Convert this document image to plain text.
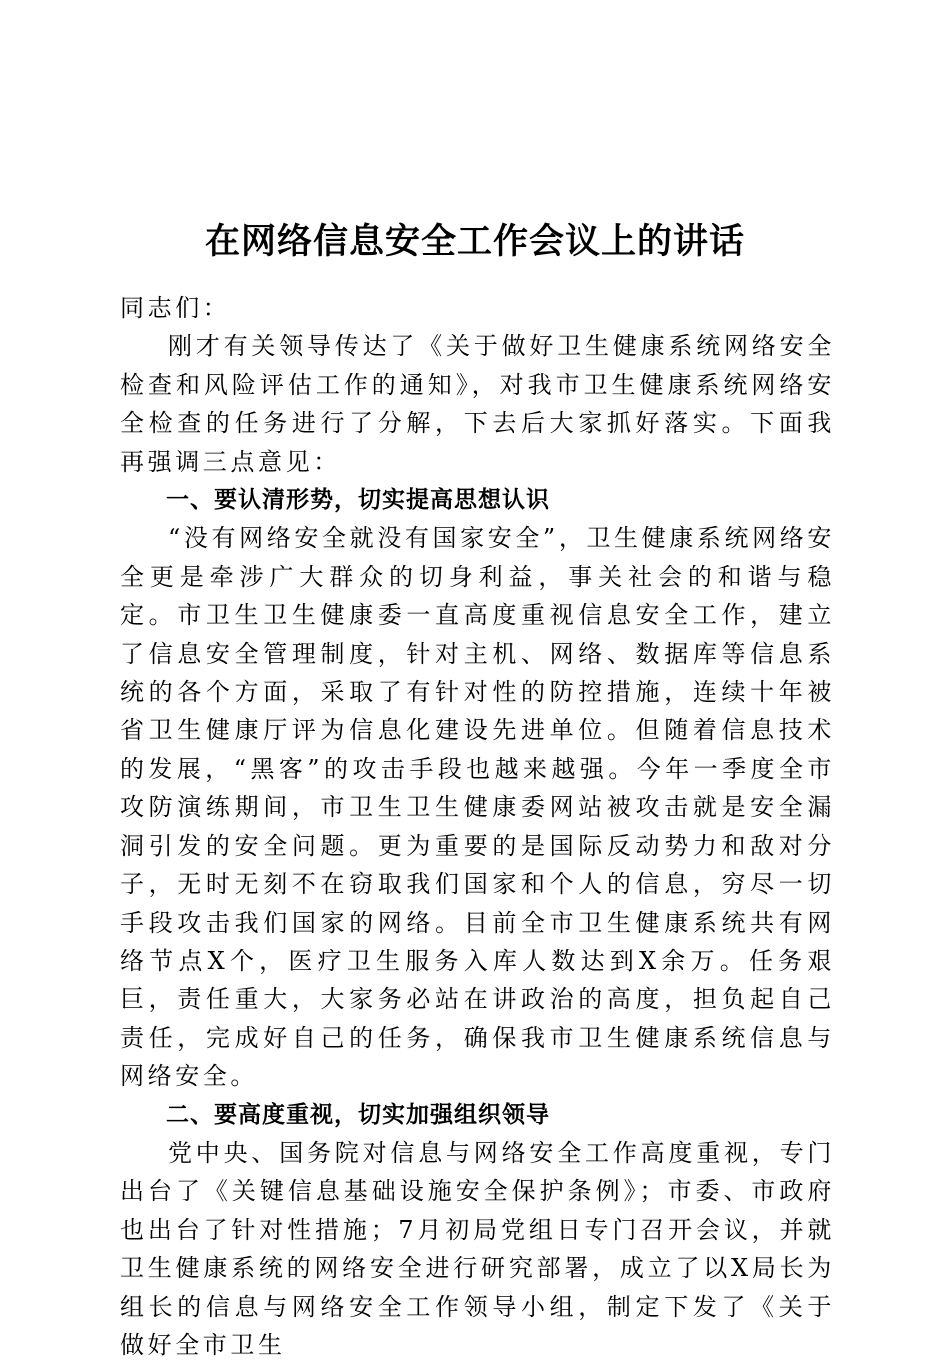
在网络信息安全工作会议上的讲话

同志们：

刚才有关领导传达了《关于做好卫生健康系统网络安全检查和风险评估工作的通知》，对我市卫生健康系统网络安全检查的任务进行了分解，下去后大家抓好落实。下面我再强调三点意见：

一、要认清形势，切实提高思想认识

“没有网络安全就没有国家安全”，卫生健康系统网络安全更是牵涉广大群众的切身利益，事关社会的和谐与稳定。市卫生卫生健康委一直高度重视信息安全工作，建立了信息安全管理制度，针对主机、网络、数据库等信息系统的各个方面，采取了有针对性的防控措施，连续十年被省卫生健康厅评为信息化建设先进单位。但随着信息技术的发展，“黑客”的攻击手段也越来越强。今年一季度全市攻防演练期间，市卫生卫生健康委网站被攻击就是安全漏洞引发的安全问题。更为重要的是国际反动势力和敌对分子，无时无刻不在窃取我们国家和个人的信息，穷尽一切手段攻击我们国家的网络。目前全市卫生健康系统共有网络节点X个，医疗卫生服务入库人数达到X余万。任务艰巨，责任重大，大家务必站在讲政治的高度，担负起自己责任，完成好自己的任务，确保我市卫生健康系统信息与网络安全。

二、要高度重视，切实加强组织领导

党中央、国务院对信息与网络安全工作高度重视，专门出台了《关键信息基础设施安全保护条例》；市委、市政府也出台了针对性措施；7月初局党组日专门召开会议，并就卫生健康系统的网络安全进行研究部署，成立了以X局长为组长的信息与网络安全工作领导小组，制定下发了《关于做好全市卫生
